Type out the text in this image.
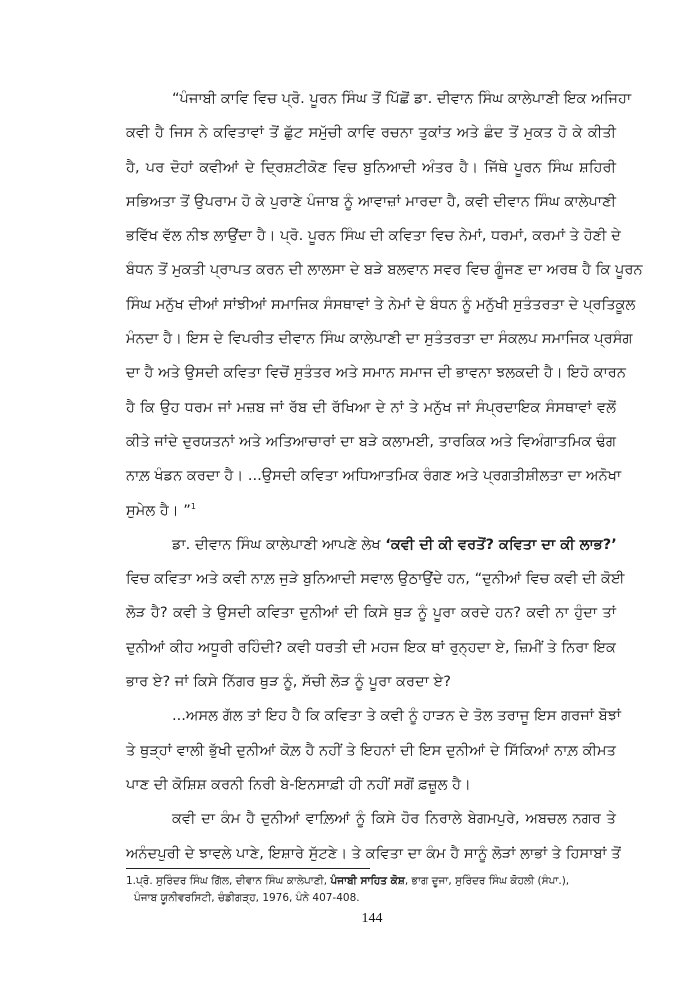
“ਪੰਜਾਬੀ ਕਾਵਿ ਵਿਚ ਪ੍ਰੋ. ਪੂਰਨ ਸਿੰਘ ਤੋਂ ਪਿੱਛੋਂ ਡਾ. ਦੀਵਾਨ ਸਿੰਘ ਕਾਲੇਪਾਣੀ ਇਕ ਅਜਿਹਾ
ਕਵੀ ਹੈ ਜਿਸ ਨੇ ਕਵਿਤਾਵਾਂ ਤੋਂ ਛੁੱਟ ਸਮੁੱਚੀ ਕਾਵਿ ਰਚਨਾ ਤੁਕਾਂਤ ਅਤੇ ਛੰਦ ਤੋਂ ਮੁਕਤ ਹੋ ਕੇ ਕੀਤੀ
ਹੈ, ਪਰ ਦੋਹਾਂ ਕਵੀਆਂ ਦੇ ਦ੍ਰਿਸ਼ਟੀਕੋਣ ਵਿਚ ਬੁਨਿਆਦੀ ਅੰਤਰ ਹੈ। ਜਿੱਥੇ ਪੂਰਨ ਸਿੰਘ ਸ਼ਹਿਰੀ
ਸਭਿਅਤਾ ਤੋਂ ਉਪਰਾਮ ਹੋ ਕੇ ਪੁਰਾਣੇ ਪੰਜਾਬ ਨੂੰ ਆਵਾਜ਼ਾਂ ਮਾਰਦਾ ਹੈ, ਕਵੀ ਦੀਵਾਨ ਸਿੰਘ ਕਾਲੇਪਾਣੀ
ਭਵਿੱਖ ਵੱਲ ਨੀਝ ਲਾਉਂਦਾ ਹੈ। ਪ੍ਰੋ. ਪੂਰਨ ਸਿੰਘ ਦੀ ਕਵਿਤਾ ਵਿਚ ਨੇਮਾਂ, ਧਰਮਾਂ, ਕਰਮਾਂ ਤੇ ਹੋਣੀ ਦੇ
ਬੰਧਨ ਤੋਂ ਮੁਕਤੀ ਪ੍ਰਾਪਤ ਕਰਨ ਦੀ ਲਾਲਸਾ ਦੇ ਬੜੇ ਬਲਵਾਨ ਸਵਰ ਵਿਚ ਗੂੰਜਣ ਦਾ ਅਰਥ ਹੈ ਕਿ ਪੂਰਨ
ਸਿੰਘ ਮਨੁੱਖ ਦੀਆਂ ਸਾਂਝੀਆਂ ਸਮਾਜਿਕ ਸੰਸਥਾਵਾਂ ਤੇ ਨੇਮਾਂ ਦੇ ਬੰਧਨ ਨੂੰ ਮਨੁੱਖੀ ਸੁਤੰਤਰਤਾ ਦੇ ਪ੍ਰਤਿਕੂਲ
ਮੰਨਦਾ ਹੈ। ਇਸ ਦੇ ਵਿਪਰੀਤ ਦੀਵਾਨ ਸਿੰਘ ਕਾਲੇਪਾਣੀ ਦਾ ਸੁਤੰਤਰਤਾ ਦਾ ਸੰਕਲਪ ਸਮਾਜਿਕ ਪ੍ਰਸੰਗ
ਦਾ ਹੈ ਅਤੇ ਉਸਦੀ ਕਵਿਤਾ ਵਿਚੋਂ ਸੁਤੰਤਰ ਅਤੇ ਸਮਾਨ ਸਮਾਜ ਦੀ ਭਾਵਨਾ ਝਲਕਦੀ ਹੈ। ਇਹੋ ਕਾਰਨ
ਹੈ ਕਿ ਉਹ ਧਰਮ ਜਾਂ ਮਜ਼ਬ ਜਾਂ ਰੱਬ ਦੀ ਰੱਖਿਆ ਦੇ ਨਾਂ ਤੇ ਮਨੁੱਖ ਜਾਂ ਸੰਪ੍ਰਦਾਇਕ ਸੰਸਥਾਵਾਂ ਵਲੋਂ
ਕੀਤੇ ਜਾਂਦੇ ਦੁਰਯਤਨਾਂ ਅਤੇ ਅਤਿਆਚਾਰਾਂ ਦਾ ਬੜੇ ਕਲਾਮਈ, ਤਾਰਕਿਕ ਅਤੇ ਵਿਅੰਗਾਤਮਿਕ ਢੰਗ
ਨਾਲ਼ ਖੰਡਨ ਕਰਦਾ ਹੈ। ...ਉਸਦੀ ਕਵਿਤਾ ਅਧਿਆਤਮਿਕ ਰੰਗਣ ਅਤੇ ਪ੍ਰਗਤੀਸ਼ੀਲਤਾ ਦਾ ਅਨੋਖਾ
ਸੁਮੇਲ ਹੈ। ”$^1$
ਡਾ. ਦੀਵਾਨ ਸਿੰਘ ਕਾਲੇਪਾਣੀ ਆਪਣੇ ਲੇਖ ‘ਕਵੀ ਦੀ ਕੀ ਵਰਤੋਂ? ਕਵਿਤਾ ਦਾ ਕੀ ਲਾਭ?’
ਵਿਚ ਕਵਿਤਾ ਅਤੇ ਕਵੀ ਨਾਲ਼ ਜੁੜੇ ਬੁਨਿਆਦੀ ਸਵਾਲ ਉਠਾਉਂਦੇ ਹਨ, “ਦੁਨੀਆਂ ਵਿਚ ਕਵੀ ਦੀ ਕੋਈ
ਲੋੜ ਹੈ? ਕਵੀ ਤੇ ਉਸਦੀ ਕਵਿਤਾ ਦੁਨੀਆਂ ਦੀ ਕਿਸੇ ਥੁੜ ਨੂੰ ਪੂਰਾ ਕਰਦੇ ਹਨ? ਕਵੀ ਨਾ ਹੁੰਦਾ ਤਾਂ
ਦੁਨੀਆਂ ਕੀਹ ਅਧੂਰੀ ਰਹਿੰਦੀ? ਕਵੀ ਧਰਤੀ ਦੀ ਮਹਜ ਇਕ ਥਾਂ ਰੁਨ੍ਹਦਾ ਏ, ਜ਼ਿਮੀਂ ਤੇ ਨਿਰਾ ਇਕ
ਭਾਰ ਏ? ਜਾਂ ਕਿਸੇ ਨਿੱਗਰ ਥੁੜ ਨੂੰ, ਸੱਚੀ ਲੋੜ ਨੂੰ ਪੂਰਾ ਕਰਦਾ ਏ?
...ਅਸਲ ਗੱਲ ਤਾਂ ਇਹ ਹੈ ਕਿ ਕਵਿਤਾ ਤੇ ਕਵੀ ਨੂੰ ਹਾੜਨ ਦੇ ਤੋਲ ਤਰਾਜੂ ਇਸ ਗਰਜਾਂ ਬੋਝਾਂ
ਤੇ ਥੁੜ੍ਹਾਂ ਵਾਲੀ ਭੁੱਖੀ ਦੁਨੀਆਂ ਕੋਲ਼ ਹੈ ਨਹੀਂ ਤੇ ਇਹਨਾਂ ਦੀ ਇਸ ਦੁਨੀਆਂ ਦੇ ਸਿੱਕਿਆਂ ਨਾਲ਼ ਕੀਮਤ
ਪਾਣ ਦੀ ਕੋਸ਼ਿਸ਼ ਕਰਨੀ ਨਿਰੀ ਬੇ-ਇਨਸਾਫ਼ੀ ਹੀ ਨਹੀਂ ਸਗੋਂ ਫ਼ਜ਼ੂਲ ਹੈ।
ਕਵੀ ਦਾ ਕੰਮ ਹੈ ਦੁਨੀਆਂ ਵਾਲ਼ਿਆਂ ਨੂੰ ਕਿਸੇ ਹੋਰ ਨਿਰਾਲੇ ਬੇਗਮਪੁਰੇ, ਅਬਚਲ ਨਗਰ ਤੇ
ਅਨੰਦਪੁਰੀ ਦੇ ਝਾਵਲੇ ਪਾਣੇ, ਇਸ਼ਾਰੇ ਸੁੱਟਣੇ। ਤੇ ਕਵਿਤਾ ਦਾ ਕੰਮ ਹੈ ਸਾਨੂੰ ਲੋੜਾਂ ਲਾਭਾਂ ਤੇ ਹਿਸਾਬਾਂ ਤੋਂ
1.ਪ੍ਰੋ. ਸੁਰਿੰਦਰ ਸਿੰਘ ਗਿੱਲ, ਦੀਵਾਨ ਸਿੰਘ ਕਾਲੇਪਾਣੀ, ਪੰਜਾਬੀ ਸਾਹਿਤ ਕੋਸ਼, ਭਾਗ ਦੂਜਾ, ਸੁਰਿੰਦਰ ਸਿੰਘ ਕੋਹਲੀ (ਸੰਪਾ.),
ਪੰਜਾਬ ਯੂਨੀਵਰਸਿਟੀ, ਚੰਡੀਗੜ੍ਹ, 1976, ਪੰਨੇ 407-408.
144
